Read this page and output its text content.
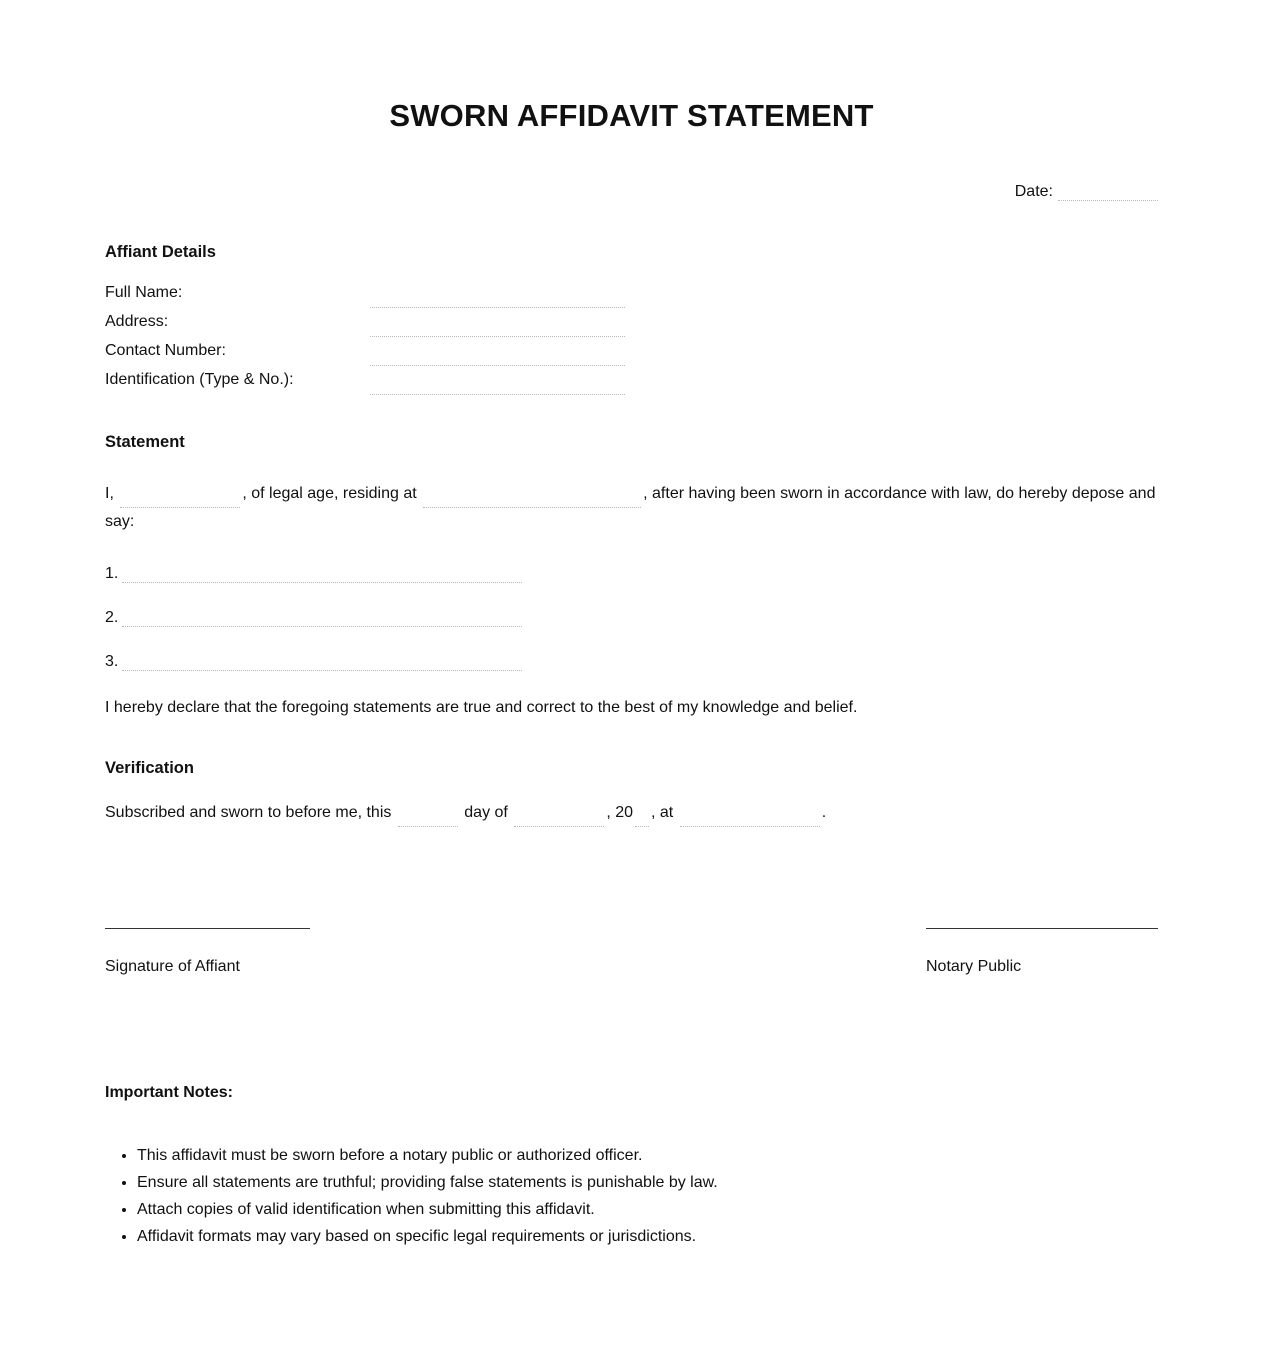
SWORN AFFIDAVIT STATEMENT
Date:
Affiant Details
Full Name:
Address:
Contact Number:
Identification (Type & No.):
Statement

I,	, of legal age, residing at	, after having been sworn in accordance with law, do hereby depose and say:

1.
2.
3.

I hereby declare that the foregoing statements are true and correct to the best of my knowledge and belief.

Verification

Subscribed and sworn to before me, this	day of	, 20 , at	.

Signature of Affiant	Notary Public
Important Notes:
• This affidavit must be sworn before a notary public or authorized officer.
• Ensure all statements are truthful; providing false statements is punishable by law.
• Attach copies of valid identification when submitting this affidavit.
• Affidavit formats may vary based on specific legal requirements or jurisdictions.
